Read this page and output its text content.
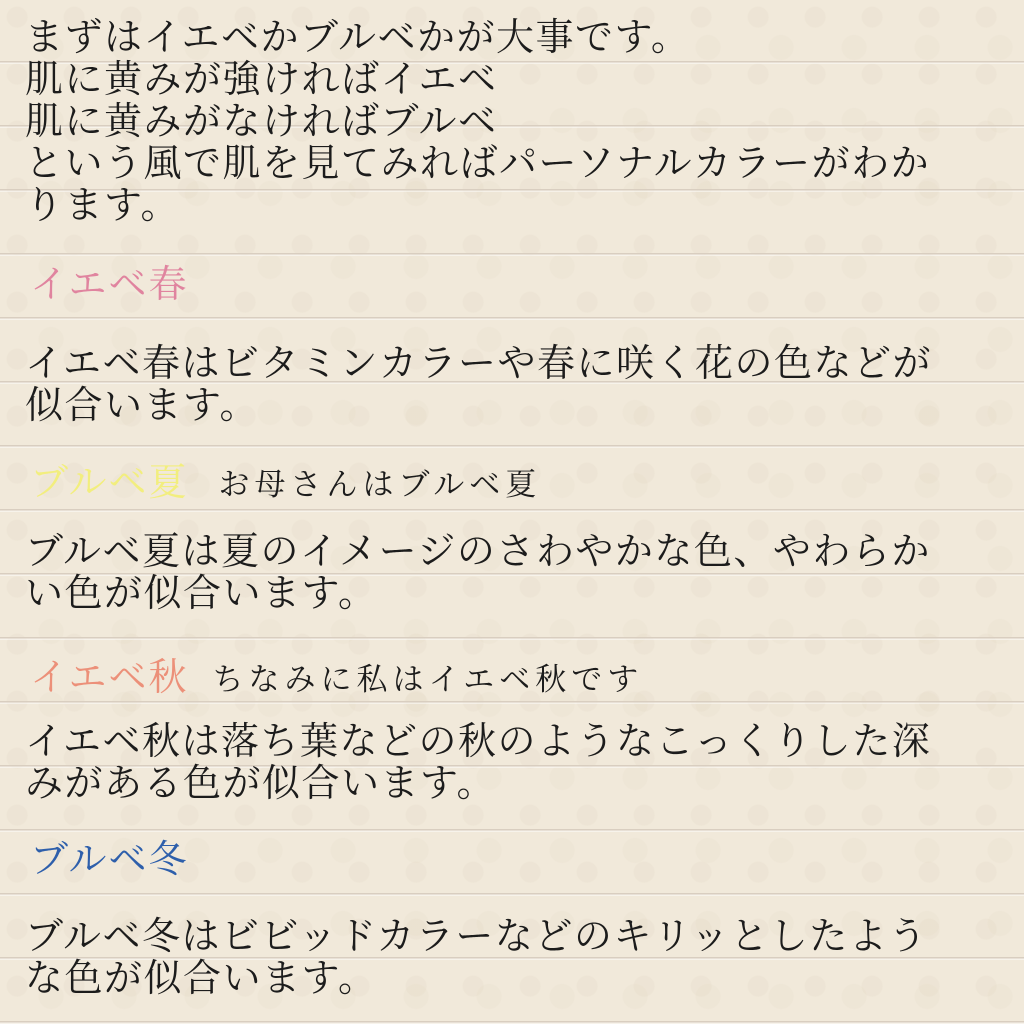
まずはイエベかブルベかが大事です。
肌に黄みが強ければイエベ
肌に黄みがなければブルベ
という風で肌を見てみればパーソナルカラーがわか
ります。
イエベ春
イエベ春はビタミンカラーや春に咲く花の色などが
似合います。
ブルベ夏 お母さんはブルベ夏
ブルベ夏は夏のイメージのさわやかな色、やわらか
い色が似合います。
イエベ秋 ちなみに私はイエベ秋です
イエベ秋は落ち葉などの秋のようなこっくりした深
みがある色が似合います。
ブルベ冬
ブルベ冬はビビッドカラーなどのキリッとしたよう
な色が似合います。
